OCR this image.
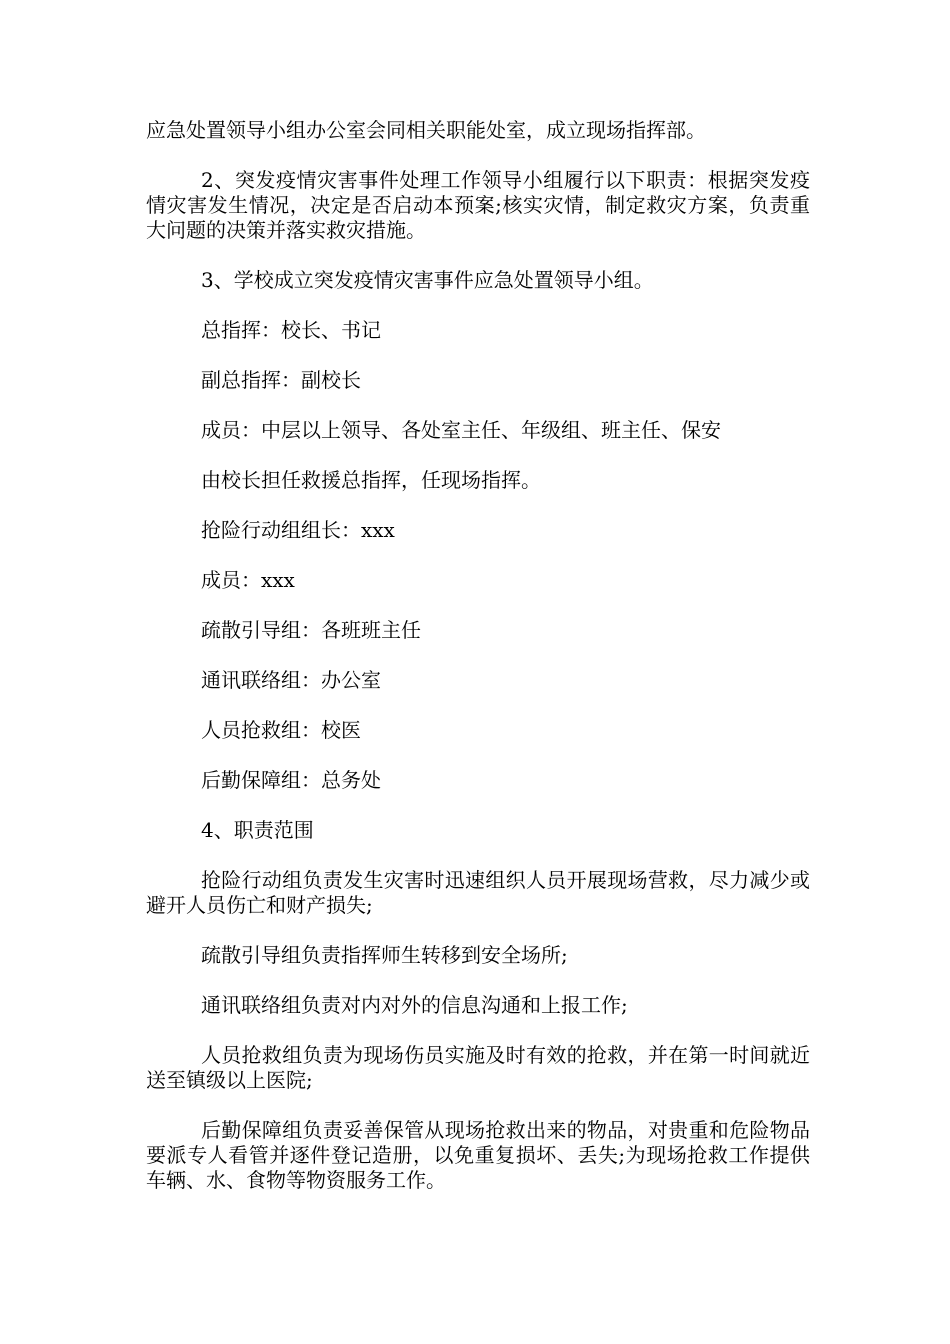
应急处置领导小组办公室会同相关职能处室，成立现场指挥部。

2、突发疫情灾害事件处理工作领导小组履行以下职责：根据突发疫情灾害发生情况，决定是否启动本预案;核实灾情，制定救灾方案，负责重大问题的决策并落实救灾措施。

3、学校成立突发疫情灾害事件应急处置领导小组。

总指挥：校长、书记

副总指挥：副校长

成员：中层以上领导、各处室主任、年级组、班主任、保安

由校长担任救援总指挥，任现场指挥。

抢险行动组组长：xxx

成员：xxx

疏散引导组：各班班主任

通讯联络组：办公室

人员抢救组：校医

后勤保障组：总务处

4、职责范围

抢险行动组负责发生灾害时迅速组织人员开展现场营救，尽力减少或避开人员伤亡和财产损失;

疏散引导组负责指挥师生转移到安全场所;

通讯联络组负责对内对外的信息沟通和上报工作;

人员抢救组负责为现场伤员实施及时有效的抢救，并在第一时间就近送至镇级以上医院;

后勤保障组负责妥善保管从现场抢救出来的物品，对贵重和危险物品要派专人看管并逐件登记造册，以免重复损坏、丢失;为现场抢救工作提供车辆、水、食物等物资服务工作。
